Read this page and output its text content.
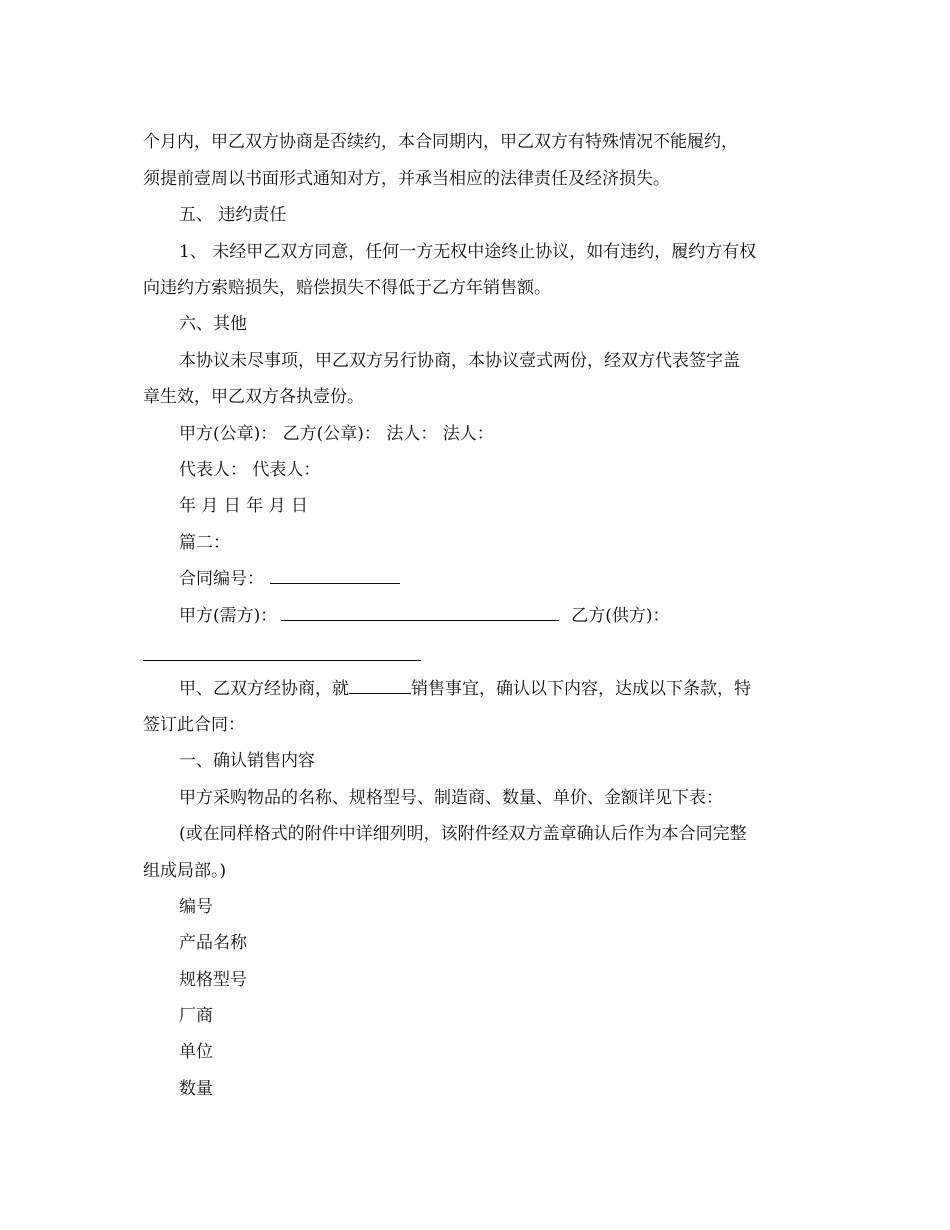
个月内，甲乙双方协商是否续约，本合同期内，甲乙双方有特殊情况不能履约，
须提前壹周以书面形式通知对方，并承当相应的法律责任及经济损失。
五、 违约责任
1、 未经甲乙双方同意，任何一方无权中途终止协议，如有违约，履约方有权
向违约方索赔损失，赔偿损失不得低于乙方年销售额。
六、其他
本协议未尽事项，甲乙双方另行协商，本协议壹式两份，经双方代表签字盖
章生效，甲乙双方各执壹份。
甲方(公章)： 乙方(公章)： 法人： 法人：
代表人： 代表人：
年 月 日 年 月 日
篇二：
合同编号：
甲方(需方)：	乙方(供方)：
甲、乙双方经协商，就	销售事宜，确认以下内容，达成以下条款，特
签订此合同：
一、确认销售内容
甲方采购物品的名称、规格型号、制造商、数量、单价、金额详见下表：
(或在同样格式的附件中详细列明，该附件经双方盖章确认后作为本合同完整
组成局部。)
编号
产品名称
规格型号
厂商
单位
数量
